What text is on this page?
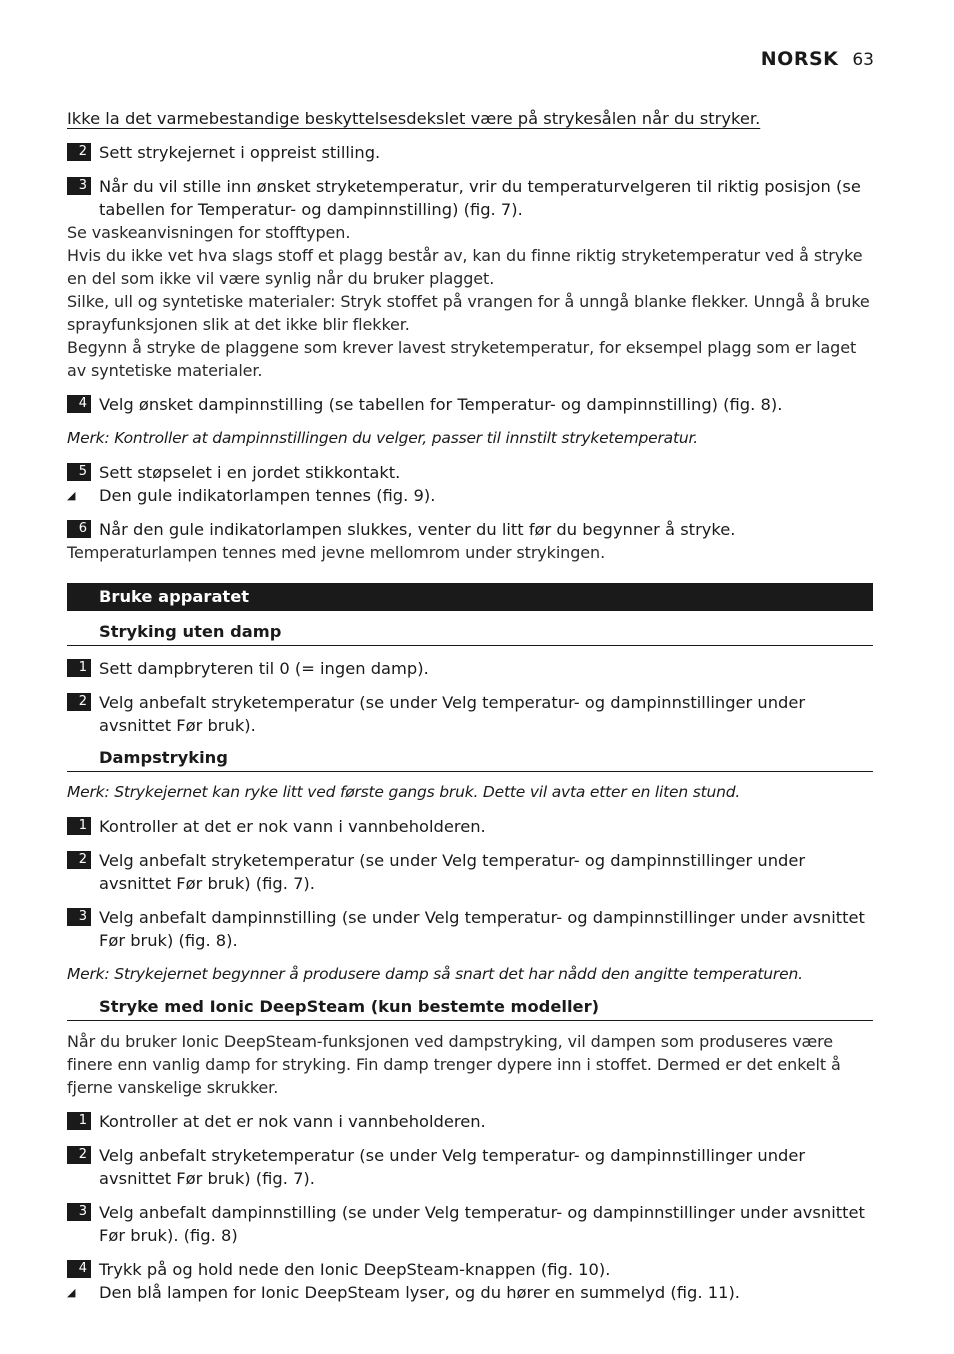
NORSK 63
Ikke la det varmebestandige beskyttelsesdekslet være på strykesålen når du stryker.
2 Sett strykejernet i oppreist stilling.
3 Når du vil stille inn ønsket stryketemperatur, vrir du temperaturvelgeren til riktig posisjon (se tabellen for Temperatur- og dampinnstilling) (fig. 7).
Se vaskeanvisningen for stofftypen.
Hvis du ikke vet hva slags stoff et plagg består av, kan du finne riktig stryketemperatur ved å stryke en del som ikke vil være synlig når du bruker plagget.
Silke, ull og syntetiske materialer: Stryk stoffet på vrangen for å unngå blanke flekker. Unngå å bruke sprayfunksjonen slik at det ikke blir flekker.
Begynn å stryke de plaggene som krever lavest stryketemperatur, for eksempel plagg som er laget av syntetiske materialer.
4 Velg ønsket dampinnstilling (se tabellen for Temperatur- og dampinnstilling) (fig. 8).
Merk: Kontroller at dampinnstillingen du velger, passer til innstilt stryketemperatur.
5 Sett støpselet i en jordet stikkontakt.
◢	Den gule indikatorlampen tennes (fig. 9).
6 Når den gule indikatorlampen slukkes, venter du litt før du begynner å stryke.
Temperaturlampen tennes med jevne mellomrom under strykingen.
Bruke apparatet
Stryking uten damp
1 Sett dampbryteren til 0 (= ingen damp).
2 Velg anbefalt stryketemperatur (se under Velg temperatur- og dampinnstillinger under avsnittet Før bruk).
Dampstryking
Merk: Strykejernet kan ryke litt ved første gangs bruk. Dette vil avta etter en liten stund.
1 Kontroller at det er nok vann i vannbeholderen.
2 Velg anbefalt stryketemperatur (se under Velg temperatur- og dampinnstillinger under avsnittet Før bruk) (fig. 7).
3 Velg anbefalt dampinnstilling (se under Velg temperatur- og dampinnstillinger under avsnittet Før bruk) (fig. 8).
Merk: Strykejernet begynner å produsere damp så snart det har nådd den angitte temperaturen.
Stryke med Ionic DeepSteam (kun bestemte modeller)
Når du bruker Ionic DeepSteam-funksjonen ved dampstryking, vil dampen som produseres være finere enn vanlig damp for stryking. Fin damp trenger dypere inn i stoffet. Dermed er det enkelt å fjerne vanskelige skrukker.
1 Kontroller at det er nok vann i vannbeholderen.
2 Velg anbefalt stryketemperatur (se under Velg temperatur- og dampinnstillinger under avsnittet Før bruk) (fig. 7).
3 Velg anbefalt dampinnstilling (se under Velg temperatur- og dampinnstillinger under avsnittet Før bruk). (fig. 8)
4 Trykk på og hold nede den Ionic DeepSteam-knappen (fig. 10).
◢	Den blå lampen for Ionic DeepSteam lyser, og du hører en summelyd (fig. 11).
